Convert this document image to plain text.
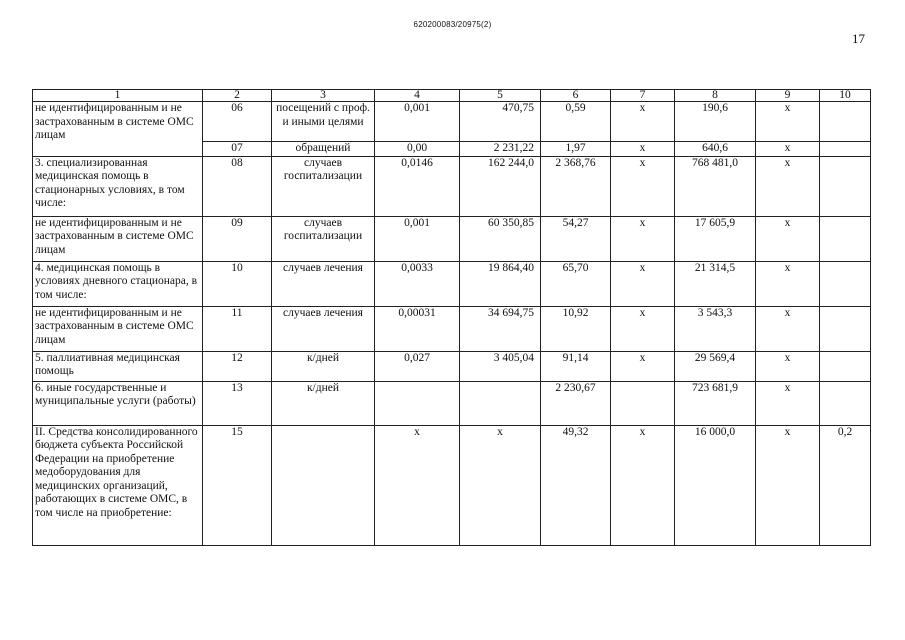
620200083/20975(2)
17
1	2	3	4	5	6	7	8	9	10
не идентифицированным и не застрахованным в системе ОМС лицам	06	посещений с проф. и иными целями	0,001	470,75	0,59	х	190,6	х	
	07	обращений	0,00	2 231,22	1,97	х	640,6	х	
3. специализированная медицинская помощь в стационарных условиях, в том числе:	08	случаев госпитализации	0,0146	162 244,0	2 368,76	х	768 481,0	х	
не идентифицированным и не застрахованным в системе ОМС лицам	09	случаев госпитализации	0,001	60 350,85	54,27	х	17 605,9	х	
4. медицинская помощь в условиях дневного стационара, в том числе:	10	случаев лечения	0,0033	19 864,40	65,70	х	21 314,5	х	
не идентифицированным и не застрахованным в системе ОМС лицам	11	случаев лечения	0,00031	34 694,75	10,92	х	3 543,3	х	
5. паллиативная медицинская помощь	12	к/дней	0,027	3 405,04	91,14	х	29 569,4	х	
6. иные государственные и муниципальные услуги (работы)	13	к/дней			2 230,67		723 681,9	х	
II. Средства консолидированного бюджета субъекта Российской Федерации на приобретение медоборудования для медицинских организаций, работающих в системе ОМС, в том числе на приобретение:	15		х	х	49,32	х	16 000,0	х	0,2
